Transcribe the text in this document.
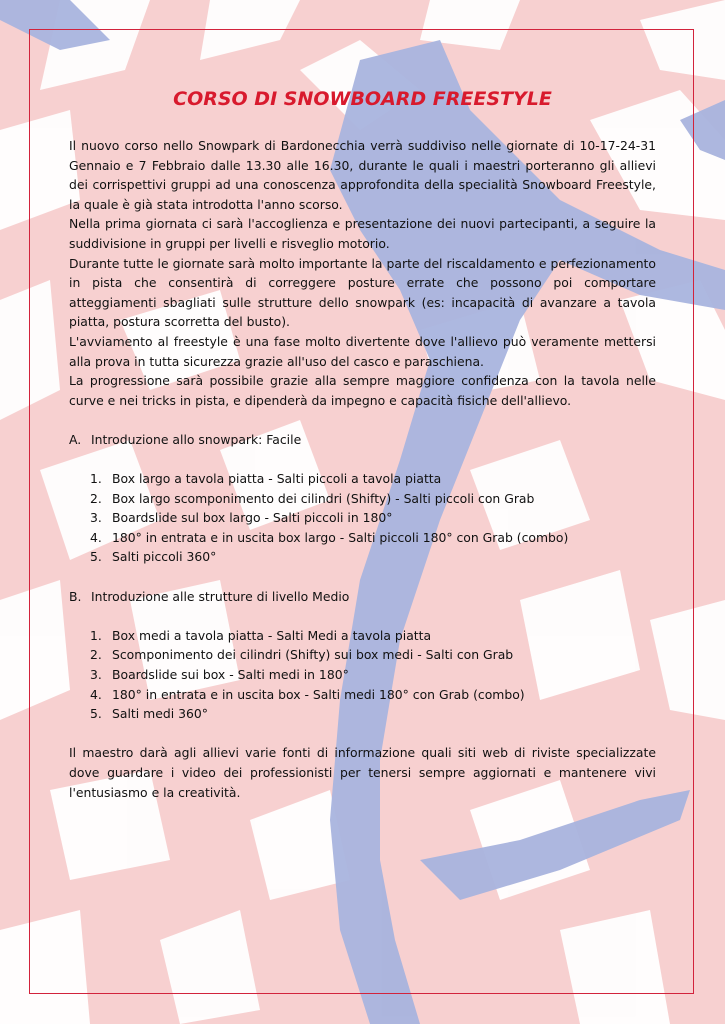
CORSO DI SNOWBOARD FREESTYLE

Il nuovo corso nello Snowpark di Bardonecchia verrà suddiviso nelle giornate di 10-17-24-31 Gennaio e 7 Febbraio dalle 13.30 alle 16.30, durante le quali i maestri porteranno gli allievi dei corrispettivi gruppi ad una conoscenza approfondita della specialità Snowboard Freestyle, la quale è già stata introdotta l'anno scorso.

Nella prima giornata ci sarà l'accoglienza e presentazione dei nuovi partecipanti, a seguire la suddivisione in gruppi per livelli e risveglio motorio.

Durante tutte le giornate sarà molto importante la parte del riscaldamento e perfezionamento in pista che consentirà di correggere posture errate che possono poi comportare atteggiamenti sbagliati sulle strutture dello snowpark (es: incapacità di avanzare a tavola piatta, postura scorretta del busto).

L'avviamento al freestyle è una fase molto divertente dove l'allievo può veramente mettersi alla prova in tutta sicurezza grazie all'uso del casco e paraschiena.

La progressione sarà possibile grazie alla sempre maggiore confidenza con la tavola nelle curve e nei tricks in pista, e dipenderà da impegno e capacità fisiche dell'allievo.

A. Introduzione allo snowpark: Facile

1. Box largo a tavola piatta - Salti piccoli a tavola piatta
2. Box largo scomponimento dei cilindri (Shifty) - Salti piccoli con Grab
3. Boardslide sul box largo - Salti piccoli in 180°
4. 180° in entrata e in uscita box largo - Salti piccoli 180° con Grab (combo)
5. Salti piccoli 360°

B. Introduzione alle strutture di livello Medio

1. Box medi a tavola piatta - Salti Medi a tavola piatta
2. Scomponimento dei cilindri (Shifty) sui box medi - Salti con Grab
3. Boardslide sui box - Salti medi in 180°
4. 180° in entrata e in uscita box - Salti medi 180° con Grab (combo)
5. Salti medi 360°

Il maestro darà agli allievi varie fonti di informazione quali siti web di riviste specializzate dove guardare i video dei professionisti per tenersi sempre aggiornati e mantenere vivi l'entusiasmo e la creatività.
